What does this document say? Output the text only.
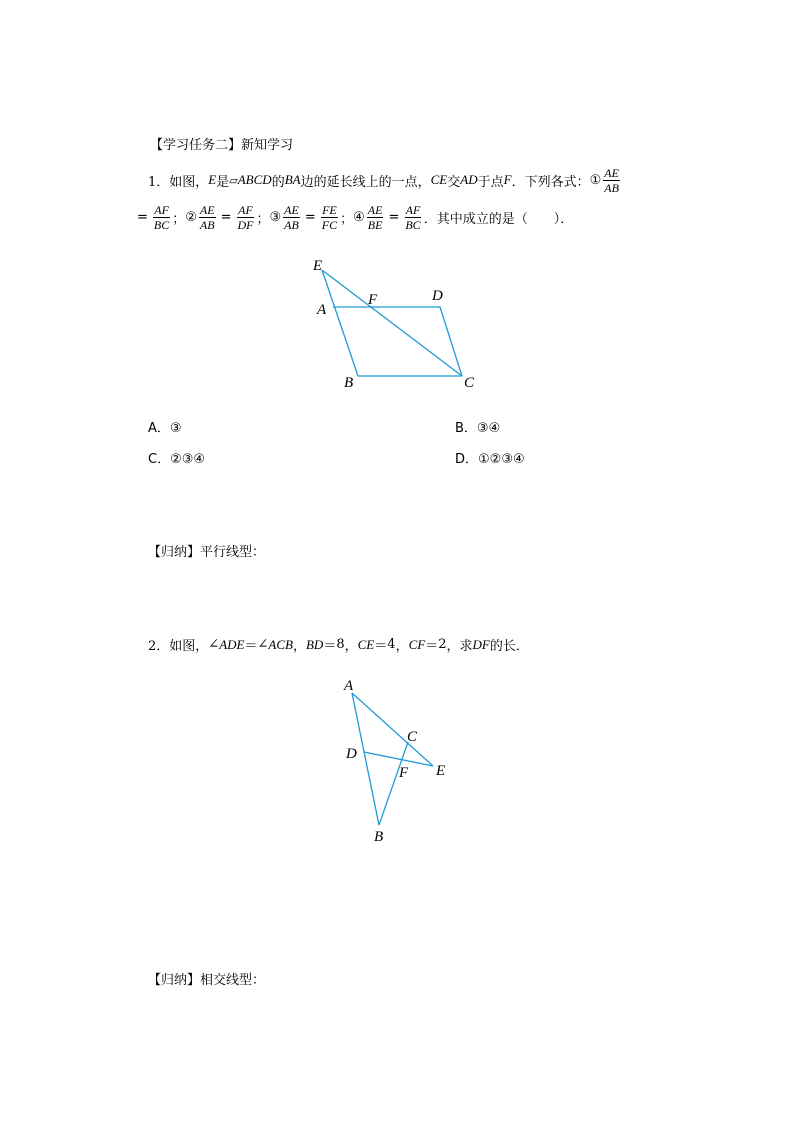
【学习任务二】新知学习
1． 如图， E 是 ▱ ABCD 的 BA 边的延长线上的一点， CE 交 AD 于点 F ．下列各式： ① $\frac{AE}{AB}$
= $\frac{AF}{BC}$ ； ② $\frac{AE}{AB} = \frac{AF}{DF}$ ； ③ $\frac{AE}{AB} = \frac{FE}{FC}$ ； ④ $\frac{AE}{BE} = \frac{AF}{BC}$ ．其中成立的是（　　）．
E
A
F	D
B	C
A
C
D
F E
B
A．③	B．③④
C．②③④	D．①②③④
【归纳】平行线型：
2． 如图， ∠ ADE ＝ ∠ ACB ， BD ＝ 8 ， CE ＝ 4 ， CF ＝ 2 ，求 DF 的长．
【归纳】相交线型：
